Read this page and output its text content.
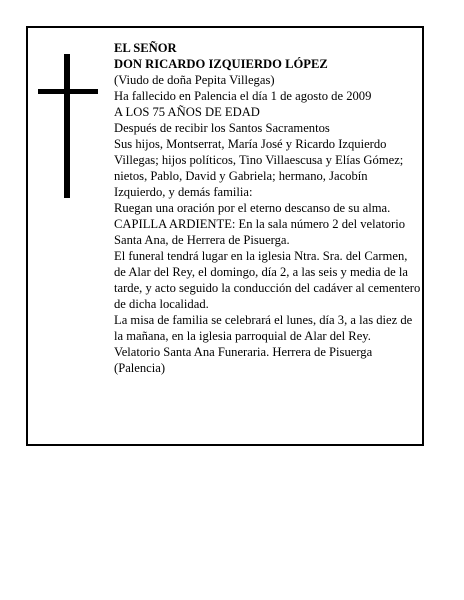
EL SEÑOR

DON RICARDO IZQUIERDO LÓPEZ

(Viudo de doña Pepita Villegas)

Ha fallecido en Palencia el día 1 de agosto de 2009

A LOS 75 AÑOS DE EDAD

Después de recibir los Santos Sacramentos

Sus hijos, Montserrat, María José y Ricardo Izquierdo Villegas; hijos políticos, Tino Villaescusa y Elías Gómez; nietos, Pablo, David y Gabriela; hermano, Jacobín Izquierdo, y demás familia:

Ruegan una oración por el eterno descanso de su alma.

CAPILLA ARDIENTE: En la sala número 2 del velatorio Santa Ana, de Herrera de Pisuerga.

El funeral tendrá lugar en la iglesia Ntra. Sra. del Carmen, de Alar del Rey, el domingo, día 2, a las seis y media de la tarde, y acto seguido la conducción del cadáver al cementero de dicha localidad.

La misa de familia se celebrará el lunes, día 3, a las diez de la mañana, en la iglesia parroquial de Alar del Rey.

Velatorio Santa Ana Funeraria. Herrera de Pisuerga (Palencia)
